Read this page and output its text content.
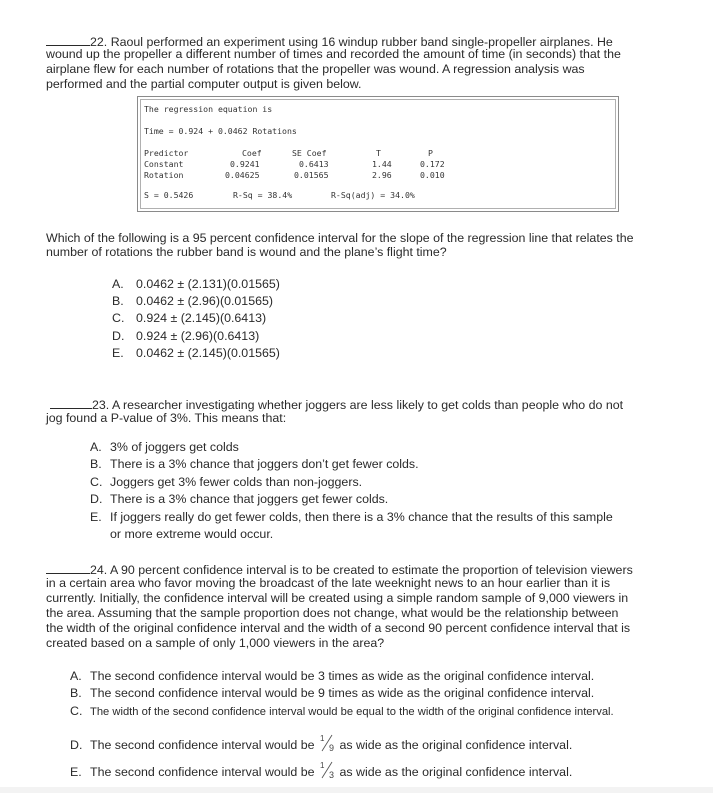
22. Raoul performed an experiment using 16 windup rubber band single-propeller airplanes. He
wound up the propeller a different number of times and recorded the amount of time (in seconds) that the
airplane flew for each number of rotations that the propeller was wound. A regression analysis was
performed and the partial computer output is given below.
The regression equation is
Time = 0.924 + 0.0462 Rotations
Predictor
Constant
Rotation
Coef
0.9241
0.04625
SE Coef
0.6413
0.01565
T
1.44
2.96
P
0.172
0.010
S = 0.5426	R-Sq = 38.4%	R-Sq(adj) = 34.0%
Which of the following is a 95 percent confidence interval for the slope of the regression line that relates the
number of rotations the rubber band is wound and the plane’s flight time?
A. 0.0462 ± (2.131)(0.01565)
B. 0.0462 ± (2.96)(0.01565)
C. 0.924 ± (2.145)(0.6413)
D. 0.924 ± (2.96)(0.6413)
E. 0.0462 ± (2.145)(0.01565)
23. A researcher investigating whether joggers are less likely to get colds than people who do not
jog found a P-value of 3%. This means that:
A. 3% of joggers get colds
B. There is a 3% chance that joggers don’t get fewer colds.
C. Joggers get 3% fewer colds than non-joggers.
D. There is a 3% chance that joggers get fewer colds.
E. If joggers really do get fewer colds, then there is a 3% chance that the results of this sample
or more extreme would occur.
24. A 90 percent confidence interval is to be created to estimate the proportion of television viewers
in a certain area who favor moving the broadcast of the late weeknight news to an hour earlier than it is
currently. Initially, the confidence interval will be created using a simple random sample of 9,000 viewers in
the area. Assuming that the sample proportion does not change, what would be the relationship between
the width of the original confidence interval and the width of a second 90 percent confidence interval that is
created based on a sample of only 1,000 viewers in the area?
A. The second confidence interval would be 3 times as wide as the original confidence interval.
B. The second confidence interval would be 9 times as wide as the original confidence interval.
C. The width of the second confidence interval would be equal to the width of the original confidence interval.
D. The second confidence interval would be 1
9 as wide as the original confidence interval.
E. The second confidence interval would be 1
3 as wide as the original confidence interval.
